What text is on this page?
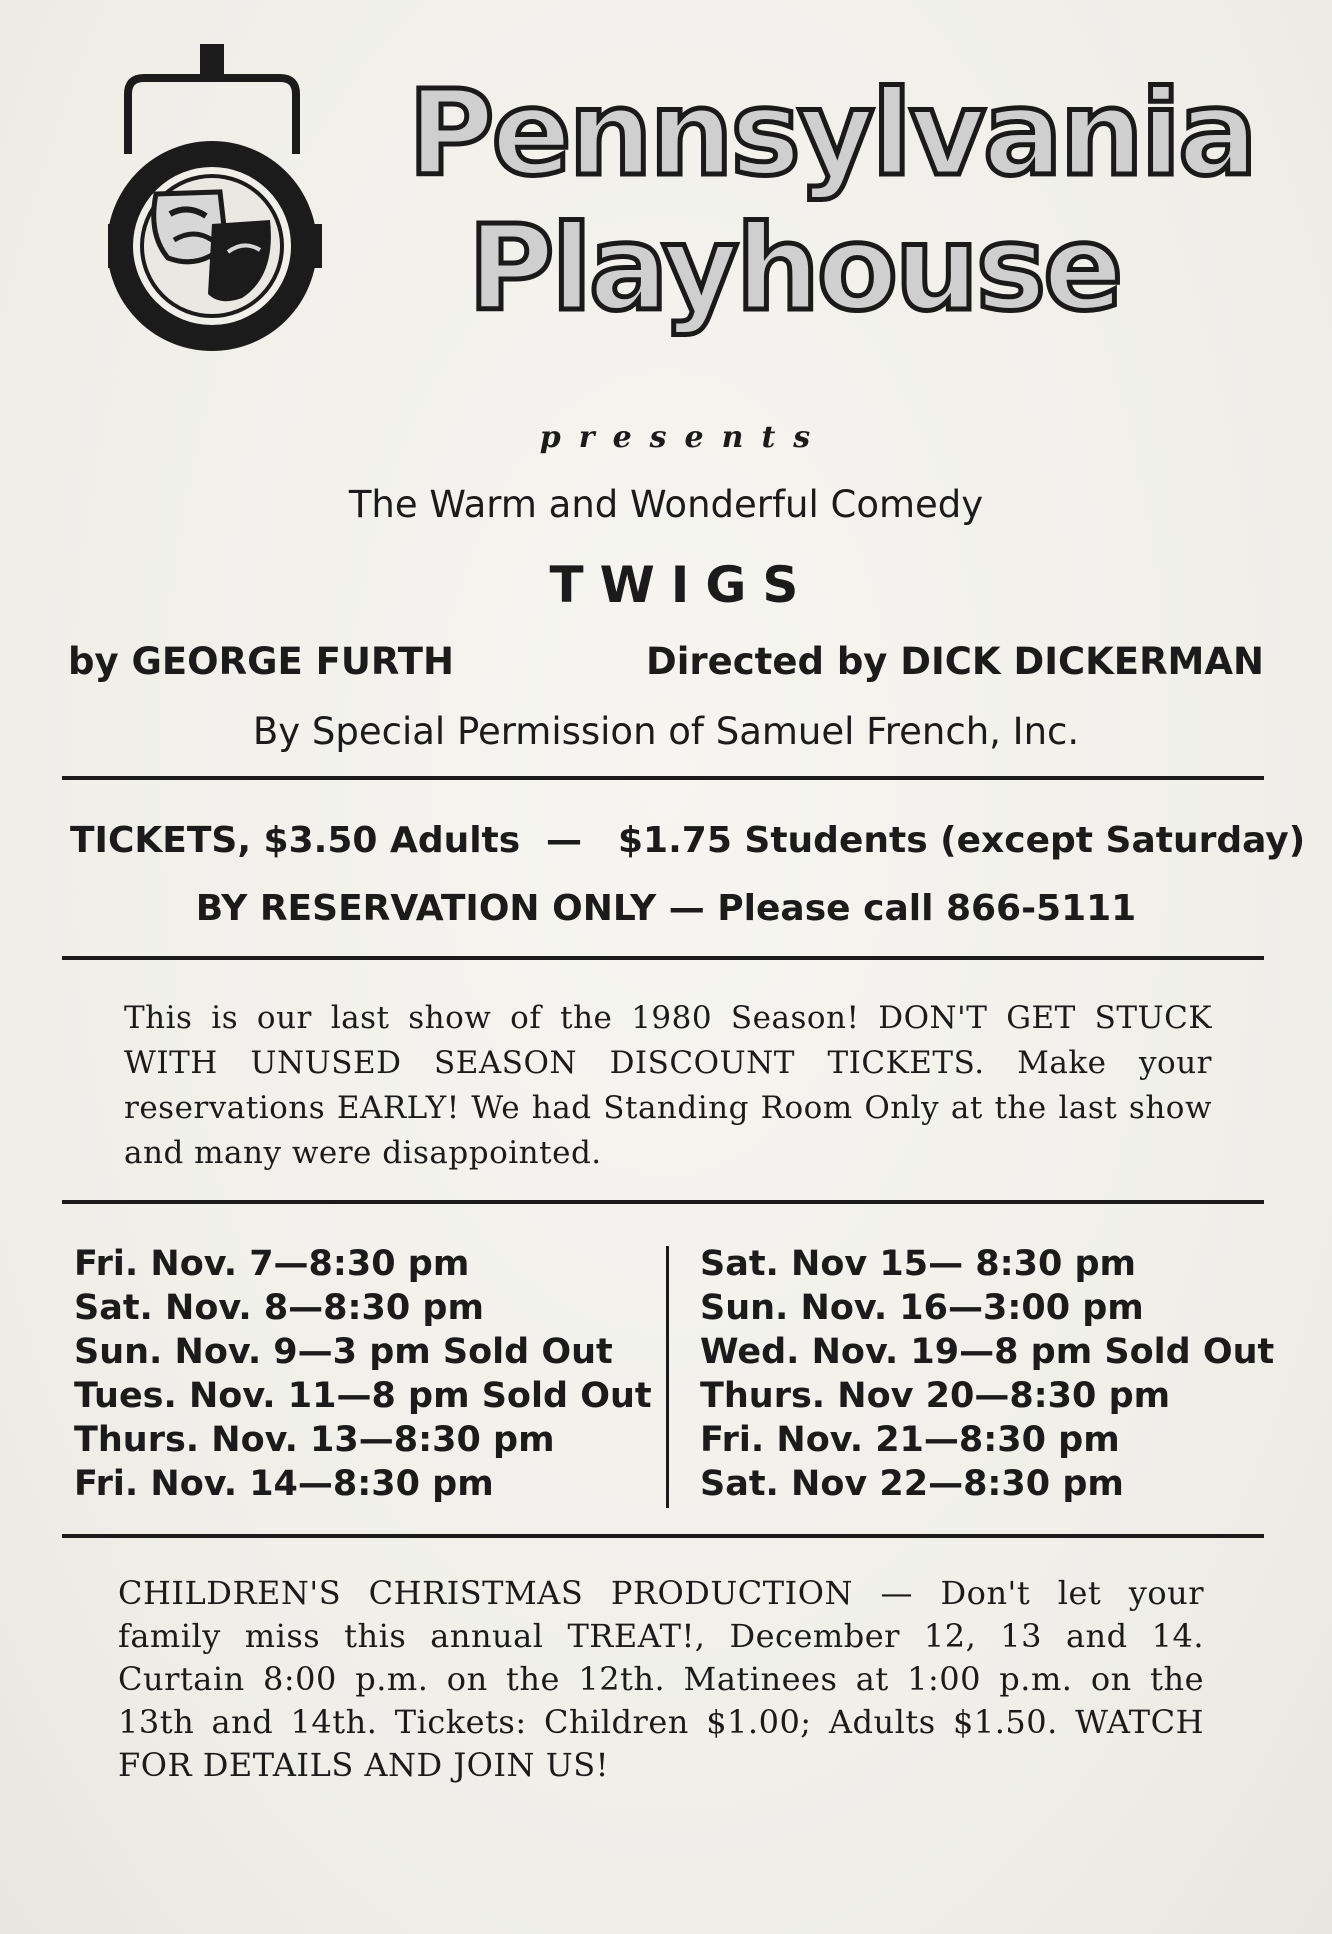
Pennsylvania
Playhouse
presents
The Warm and Wonderful Comedy
TWIGS
by GEORGE FURTH	Directed by DICK DICKERMAN
By Special Permission of Samuel French, Inc.
TICKETS, $3.50 Adults — $1.75 Students (except Saturday)
BY RESERVATION ONLY — Please call 866-5111
This is our last show of the 1980 Season! DON'T GET STUCK WITH UNUSED SEASON DISCOUNT TICKETS. Make your reservations EARLY! We had Standing Room Only at the last show and many were disappointed.
Fri. Nov. 7—8:30 pm
Sat. Nov. 8—8:30 pm
Sun. Nov. 9—3 pm Sold Out
Tues. Nov. 11—8 pm Sold Out
Thurs. Nov. 13—8:30 pm
Fri. Nov. 14—8:30 pm
Sat. Nov 15— 8:30 pm
Sun. Nov. 16—3:00 pm
Wed. Nov. 19—8 pm Sold Out
Thurs. Nov 20—8:30 pm
Fri. Nov. 21—8:30 pm
Sat. Nov 22—8:30 pm
CHILDREN'S CHRISTMAS PRODUCTION — Don't let your family miss this annual TREAT!, December 12, 13 and 14. Curtain 8:00 p.m. on the 12th. Matinees at 1:00 p.m. on the 13th and 14th. Tickets: Children $1.00; Adults $1.50. WATCH FOR DETAILS AND JOIN US!
